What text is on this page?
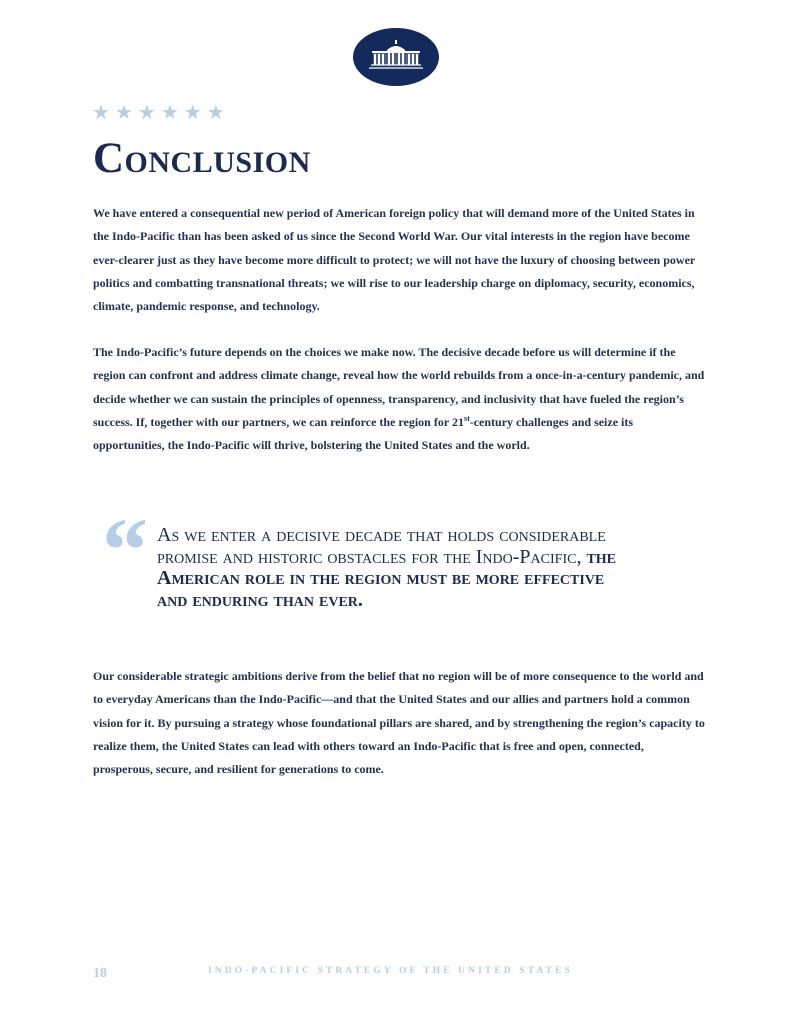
★ ★ ★ ★ ★ ★
Conclusion

We have entered a consequential new period of American foreign policy that will demand more of the United States in the Indo-Pacific than has been asked of us since the Second World War. Our vital interests in the region have become ever-clearer just as they have become more difficult to protect; we will not have the luxury of choosing between power politics and combatting transnational threats; we will rise to our leadership charge on diplomacy, security, economics, climate, pandemic response, and technology.

The Indo-Pacific’s future depends on the choices we make now. The decisive decade before us will determine if the region can confront and address climate change, reveal how the world rebuilds from a once-in-a-century pandemic, and decide whether we can sustain the principles of openness, transparency, and inclusivity that have fueled the region’s success. If, together with our partners, we can reinforce the region for 21st-century challenges and seize its opportunities, the Indo-Pacific will thrive, bolstering the United States and the world.

“ As we enter a decisive decade that holds considerable promise and historic obstacles for the Indo-Pacific, the American role in the region must be more effective and enduring than ever.

Our considerable strategic ambitions derive from the belief that no region will be of more consequence to the world and to everyday Americans than the Indo-Pacific—and that the United States and our allies and partners hold a common vision for it. By pursuing a strategy whose foundational pillars are shared, and by strengthening the region’s capacity to realize them, the United States can lead with others toward an Indo-Pacific that is free and open, connected, prosperous, secure, and resilient for generations to come.

18	INDO-PACIFIC STRATEGY OF THE UNITED STATES
